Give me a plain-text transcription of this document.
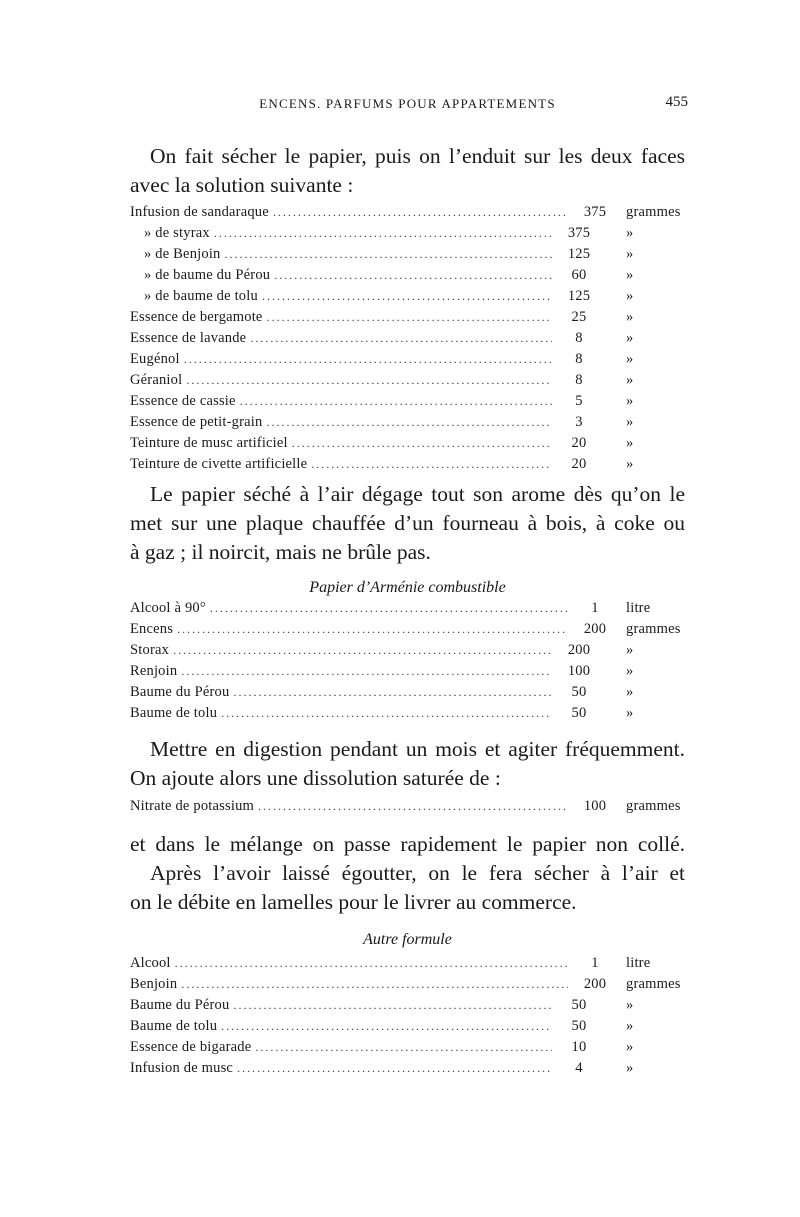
ENCENS. PARFUMS POUR APPARTEMENTS	455
On fait sécher le papier, puis on l’enduit sur les deux faces
avec la solution suivante :
Infusion de sandaraque .....	375	grammes
» de styrax .....	375	»
» de Benjoin .....	125	»
» de baume du Pérou .....	60	»
» de baume de tolu .....	125	»
Essence de bergamote .....	25	»
Essence de lavande .....	8	»
Eugénol .....	8	»
Géraniol .....	8	»
Essence de cassie .....	5	»
Essence de petit-grain .....	3	»
Teinture de musc artificiel .....	20	»
Teinture de civette artificielle .....	20	»
Le papier séché à l’air dégage tout son arome dès qu’on le
met sur une plaque chauffée d’un fourneau à bois, à coke ou
à gaz ; il noircit, mais ne brûle pas.
Papier d’Arménie combustible
Alcool à 90° .....	1	litre
Encens .....	200	grammes
Storax .....	200	»
Renjoin .....	100	»
Baume du Pérou .....	50	»
Baume de tolu .....	50	»
Mettre en digestion pendant un mois et agiter fréquemment.
On ajoute alors une dissolution saturée de :
Nitrate de potassium .....	100	grammes
et dans le mélange on passe rapidement le papier non collé.
Après l’avoir laissé égoutter, on le fera sécher à l’air et
on le débite en lamelles pour le livrer au commerce.
Autre formule
Alcool .....	1	litre
Benjoin .....	200	grammes
Baume du Pérou .....	50	»
Baume de tolu .....	50	»
Essence de bigarade .....	10	»
Infusion de musc .....	4	»
